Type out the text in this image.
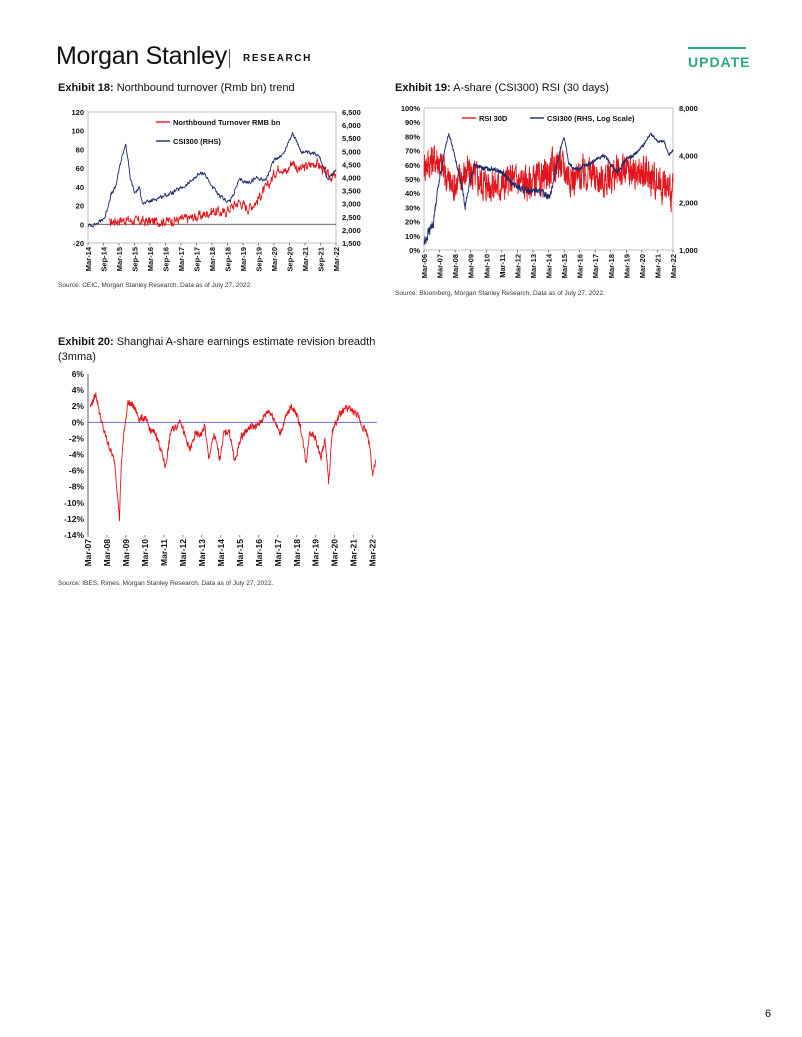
Morgan Stanley RESEARCH	UPDATE
Exhibit 18: Northbound turnover (Rmb bn) trend	Exhibit 19: A-share (CSI300) RSI (30 days)
Exhibit 20: Shanghai A-share earnings estimate revision breadth
(3mma)
120
100
80
60
40
20
0
-20
6,500
6,000
5,500
5,000
4,500
4,000
3,500
3,000
2,500
2,000
1,500
Mar-14 Sep-14 Mar-15 Sep-15 Mar-16 Sep-16 Mar-17 Sep-17 Mar-18 Sep-18 Mar-19 Sep-19 Mar-20 Sep-20 Mar-21 Sep-21 Mar-22
Northbound Turnover RMB bn
CSI300 (RHS)
100%
90%
80%
70%
60%
50%
40%
30%
20%
10%
0%
8,000
4,000
2,000
1,000
Mar-06 Mar-07 Mar-08 Mar-09 Mar-10 Mar-11 Mar-12 Mar-13 Mar-14 Mar-15 Mar-16 Mar-17 Mar-18 Mar-19 Mar-20 Mar-21 Mar-22
RSI 30D	CSI300 (RHS, Log Scale)
6%
4%
2%
0%
-2%
-4%
-6%
-8%
-10%
-12%
-14%
Mar-07 Mar-08 Mar-09 Mar-10 Mar-11 Mar-12 Mar-13 Mar-14 Mar-15 Mar-16 Mar-17 Mar-18 Mar-19 Mar-20 Mar-21 Mar-22
Source: CEIC, Morgan Stanley Research. Data as of July 27, 2022.
Source: Bloomberg, Morgan Stanley Research. Data as of July 27, 2022.
Source: IBES, Rimes, Morgan Stanley Research. Data as of July 27, 2022.
6
